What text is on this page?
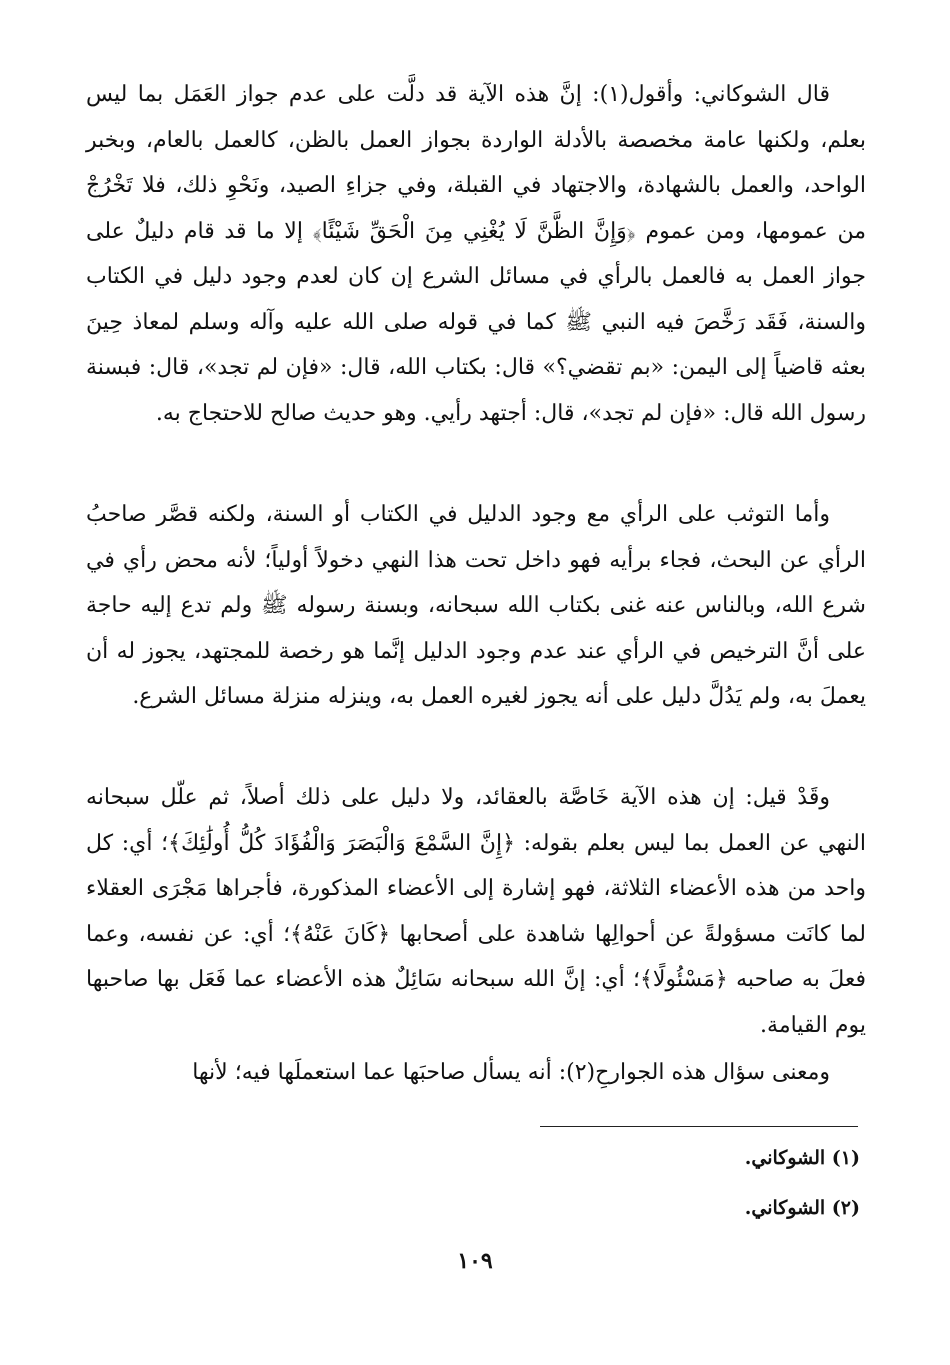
قال الشوكاني: وأقول(١): إنَّ هذه الآية قد دلَّت على عدم جواز العَمَل بما ليس بعلم، ولكنها عامة مخصصة بالأدلة الواردة بجواز العمل بالظن، كالعمل بالعام، وبخبر الواحد، والعمل بالشهادة، والاجتهاد في القبلة، وفي جزاءِ الصيد، ونَحْوِ ذلك، فلا تَخْرُجْ من عمومها، ومن عموم ﴿وَإِنَّ الظَّنَّ لَا يُغْنِي مِنَ الْحَقِّ شَيْئًا﴾ إلا ما قد قام دليلٌ على جواز العمل به فالعمل بالرأي في مسائل الشرع إن كان لعدم وجود دليل في الكتاب والسنة، فَقَد رَخَّصَ فيه النبي ﷺ كما في قوله صلى الله عليه وآله وسلم لمعاذ حِينَ بعثه قاضياً إلى اليمن: «بم تقضي؟» قال: بكتاب الله، قال: «فإن لم تجد»، قال: فبسنة رسول الله قال: «فإن لم تجد»، قال: أجتهد رأيي. وهو حديث صالح للاحتجاج به.

وأما التوثب على الرأي مع وجود الدليل في الكتاب أو السنة، ولكنه قصَّر صاحبُ الرأي عن البحث، فجاء برأيه فهو داخل تحت هذا النهي دخولاً أولياً؛ لأنه محض رأي في شرع الله، وبالناس عنه غنى بكتاب الله سبحانه، وبسنة رسوله ﷺ ولم تدع إليه حاجة على أنَّ الترخيص في الرأي عند عدم وجود الدليل إنَّما هو رخصة للمجتهد، يجوز له أن يعملَ به، ولم يَدُلَّ دليل على أنه يجوز لغيره العمل به، وينزله منزلة مسائل الشرع.

وقَدْ قيل: إن هذه الآية خَاصَّة بالعقائد، ولا دليل على ذلك أصلاً، ثم علّل سبحانه النهي عن العمل بما ليس بعلم بقوله: ﴿إِنَّ السَّمْعَ وَالْبَصَرَ وَالْفُؤَادَ كُلُّ أُولَٰئِكَ﴾؛ أي: كل واحد من هذه الأعضاء الثلاثة، فهو إشارة إلى الأعضاء المذكورة، فأجراها مَجْرَى العقلاء لما كانَت مسؤولةً عن أحوالِها شاهدة على أصحابها ﴿كَانَ عَنْهُ﴾؛ أي: عن نفسه، وعما فعلَ به صاحبه ﴿مَسْئُولًا﴾؛ أي: إنَّ الله سبحانه سَائِلٌ هذه الأعضاء عما فَعَل بها صاحبها يوم القيامة.

ومعنى سؤال هذه الجوارحِ(٢): أنه يسأل صاحبَها عما استعملَها فيه؛ لأنها

(١) الشوكاني.
(٢) الشوكاني.
١٠٩
